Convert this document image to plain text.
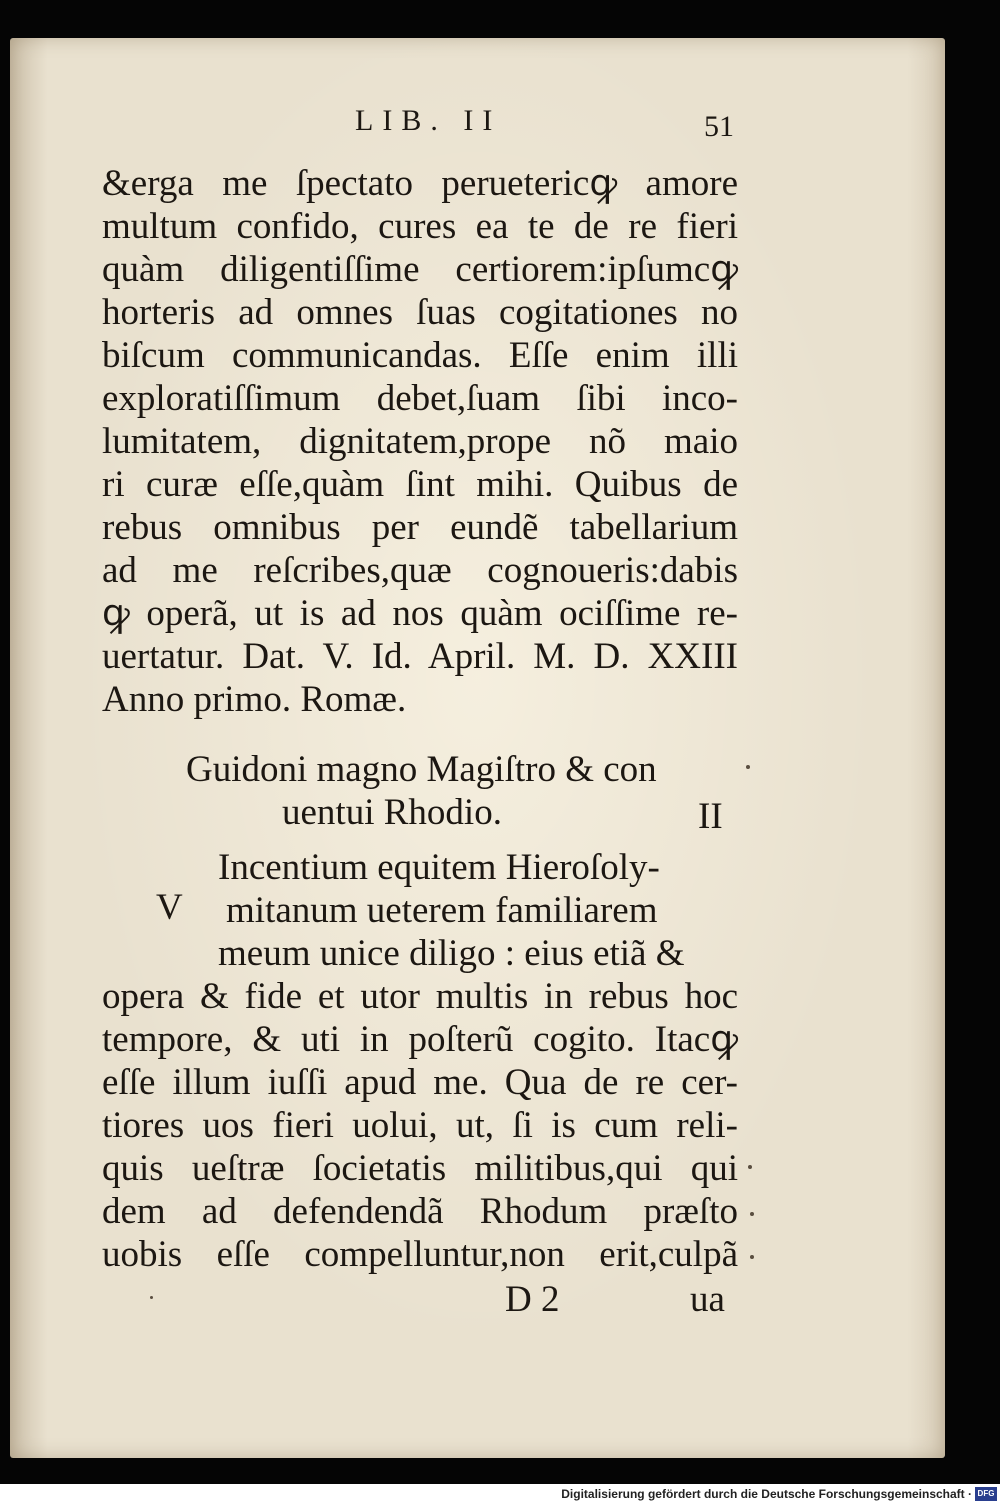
LIB. II	51
&erga me ſpectato peruetericꝙ amore
multum confido, cures ea te de re fieri
quàm diligentiſſime certiorem:ipſumcꝙ
horteris ad omnes ſuas cogitationes no
biſcum communicandas. Eſſe enim illi
exploratiſſimum debet,ſuam ſibi inco-
lumitatem, dignitatem,prope nõ maio
ri curæ eſſe,quàm ſint mihi. Quibus de
rebus omnibus per eundẽ tabellarium
ad me reſcribes,quæ cognoueris:dabis
ꝙ operã, ut is ad nos quàm ociſſime re-
uertatur. Dat. V. Id. April. M. D. XXIII
Anno primo. Romæ.
Guidoni magno Magiſtro & con
uentui Rhodio.	II
V
Incentium equitem Hieroſoly-
mitanum ueterem familiarem
meum unice diligo : eius etiã &
opera & fide et utor multis in rebus hoc
tempore, & uti in poſterũ cogito. Itacꝙ
eſſe illum iuſſi apud me. Qua de re cer-
tiores uos fieri uolui, ut, ſi is cum reli-
quis ueſtræ ſocietatis militibus,qui qui
dem ad defendendã Rhodum præſto
uobis eſſe compelluntur,non erit,culpã
D 2	ua
Digitalisierung gefördert durch die Deutsche Forschungsgemeinschaft · DFG
